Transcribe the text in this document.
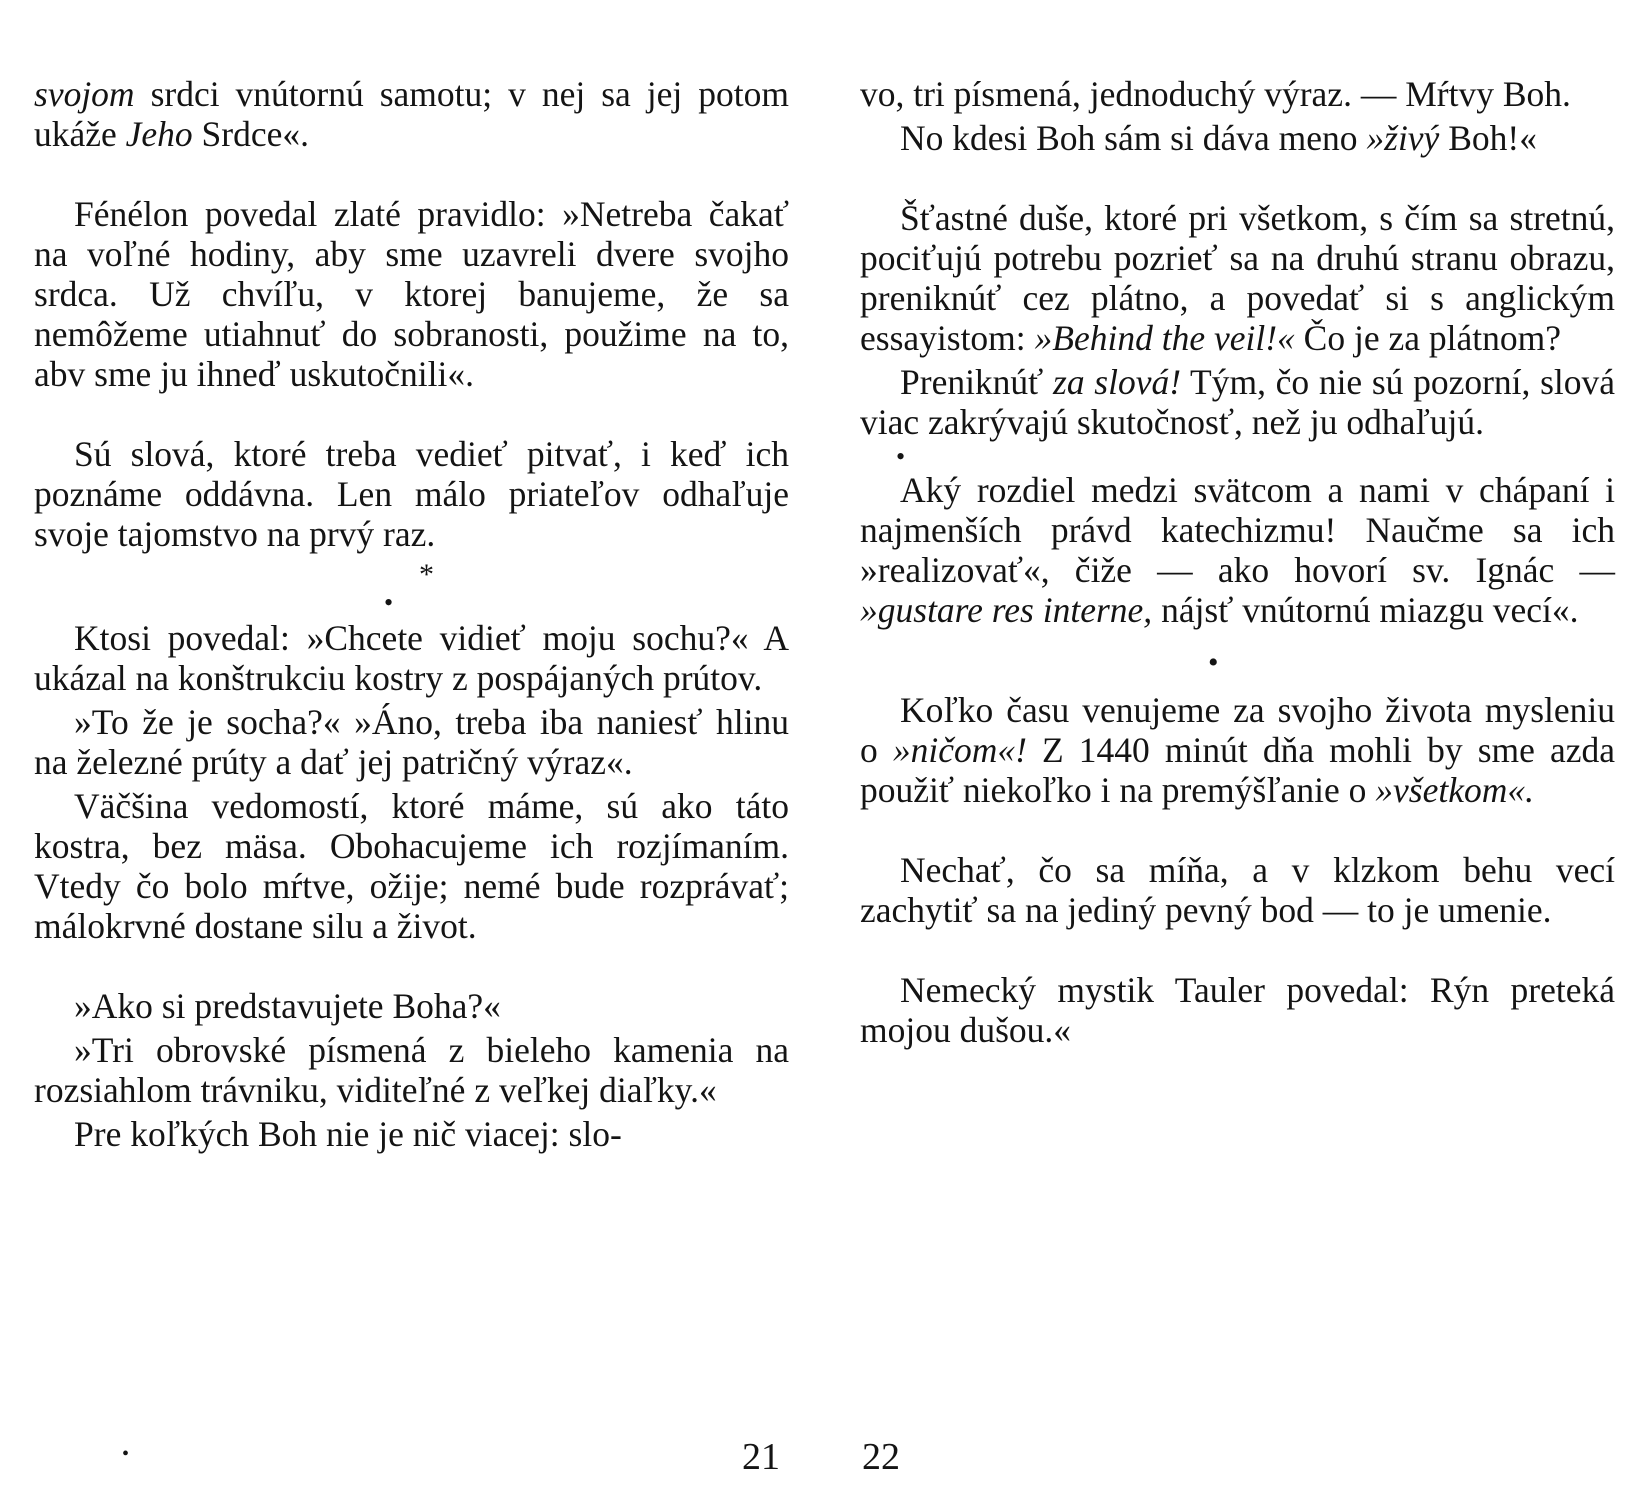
svojom srdci vnútornú samotu; v nej sa jej potom ukáže Jeho Srdce«.

Fénélon povedal zlaté pravidlo: »Netreba čakať na voľné hodiny, aby sme uzavreli dvere svojho srdca. Už chvíľu, v ktorej banujeme, že sa nemôžeme utiahnuť do sobranosti, použime na to, abv sme ju ihneď uskutočnili«.

Sú slová, ktoré treba vedieť pitvať, i keď ich poznáme oddávna. Len málo priateľov odhaľuje svoje tajomstvo na prvý raz.

*
•

Ktosi povedal: »Chcete vidieť moju sochu?« A ukázal na konštrukciu kostry z pospájaných prútov.

»To že je socha?« »Áno, treba iba naniesť hlinu na železné prúty a dať jej patričný výraz«.

Väčšina vedomostí, ktoré máme, sú ako táto kostra, bez mäsa. Obohacujeme ich rozjímaním. Vtedy čo bolo mŕtve, ožije; nemé bude rozprávať; málokrvné dostane silu a život.

»Ako si predstavujete Boha?«

»Tri obrovské písmená z bieleho kamenia na rozsiahlom trávniku, viditeľné z veľkej diaľky.«

Pre koľkých Boh nie je nič viacej: slo-

vo, tri písmená, jednoduchý výraz. — Mŕtvy Boh.

No kdesi Boh sám si dáva meno »živý Boh!«

Šťastné duše, ktoré pri všetkom, s čím sa stretnú, pociťujú potrebu pozrieť sa na druhú stranu obrazu, preniknúť cez plátno, a povedať si s anglickým essayistom: »Behind the veil!« Čo je za plátnom?

Preniknúť za slová! Tým, čo nie sú pozorní, slová viac zakrývajú skutočnosť, než ju odhaľujú.

•

Aký rozdiel medzi svätcom a nami v chápaní i najmenších právd katechizmu! Naučme sa ich »realizovať«, čiže — ako hovorí sv. Ignác — »gustare res interne, nájsť vnútornú miazgu vecí«.

•

Koľko času venujeme za svojho života mysleniu o »ničom«! Z 1440 minút dňa mohli by sme azda použiť niekoľko i na premýšľanie o »všetkom«.

Nechať, čo sa míňa, a v klzkom behu vecí zachytiť sa na jediný pevný bod — to je umenie.

Nemecký mystik Tauler povedal: Rýn preteká mojou dušou.«

•	21 22
